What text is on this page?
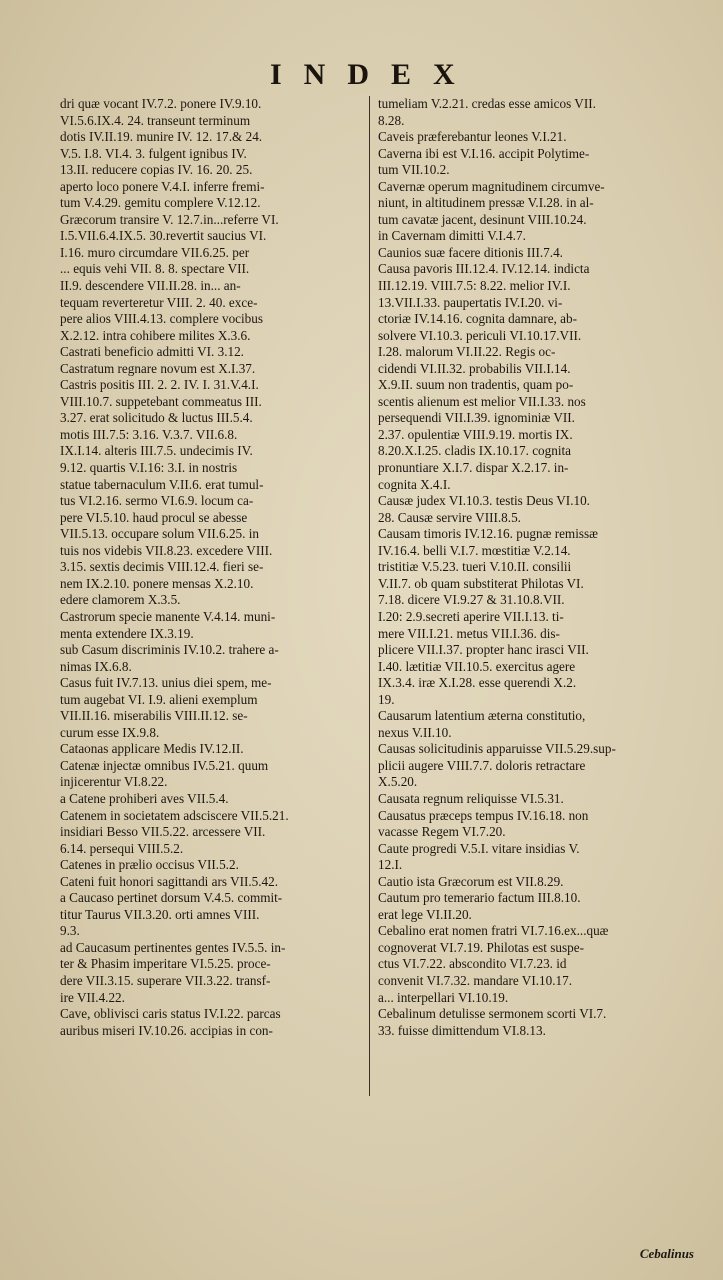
INDEX
dri quæ vocant IV.7.2. ponere IV.9.10.
VI.5.6.IX.4. 24. transeunt terminum
dotis IV.II.19. munire IV. 12. 17.& 24.
V.5. I.8. VI.4. 3. fulgent ignibus IV.
13.II. reducere copias IV. 16. 20. 25.
aperto loco ponere V.4.I. inferre fremi-
tum V.4.29. gemitu complere V.12.12.
Græcorum transire V. 12.7.in...referre VI.
I.5.VII.6.4.IX.5. 30.revertit saucius VI.
I.16. muro circumdare VII.6.25. per
... equis vehi VII. 8. 8. spectare VII.
II.9. descendere VII.II.28. in... an-
tequam reverteretur VIII. 2. 40. exce-
pere alios VIII.4.13. complere vocibus
X.2.12. intra cohibere milites X.3.6.
Castrati beneficio admitti VI. 3.12.
Castratum regnare novum est X.I.37.
Castris positis III. 2. 2. IV. I. 31.V.4.I.
VIII.10.7. suppetebant commeatus III.
3.27. erat solicitudo & luctus III.5.4.
motis III.7.5: 3.16. V.3.7. VII.6.8.
IX.I.14. alteris III.7.5. undecimis IV.
9.12. quartis V.I.16: 3.I. in nostris
statue tabernaculum V.II.6. erat tumul-
tus VI.2.16. sermo VI.6.9. locum ca-
pere VI.5.10. haud procul se abesse
VII.5.13. occupare solum VII.6.25. in
tuis nos videbis VII.8.23. excedere VIII.
3.15. sextis decimis VIII.12.4. fieri se-
nem IX.2.10. ponere mensas X.2.10.
edere clamorem X.3.5.
Castrorum specie manente V.4.14. muni-
menta extendere IX.3.19.
sub Casum discriminis IV.10.2. trahere a-
nimas IX.6.8.
Casus fuit IV.7.13. unius diei spem, me-
tum augebat VI. I.9. alieni exemplum
VII.II.16. miserabilis VIII.II.12. se-
curum esse IX.9.8.
Cataonas applicare Medis IV.12.II.
Catenæ injectæ omnibus IV.5.21. quum
injicerentur VI.8.22.
a Catene prohiberi aves VII.5.4.
Catenem in societatem adsciscere VII.5.21.
insidiari Besso VII.5.22. arcessere VII.
6.14. persequi VIII.5.2.
Catenes in prælio occisus VII.5.2.
Cateni fuit honori sagittandi ars VII.5.42.
a Caucaso pertinet dorsum V.4.5. commit-
titur Taurus VII.3.20. orti amnes VIII.
9.3.
ad Caucasum pertinentes gentes IV.5.5. in-
ter & Phasim imperitare VI.5.25. proce-
dere VII.3.15. superare VII.3.22. transf-
ire VII.4.22.
Cave, oblivisci caris status IV.I.22. parcas
auribus miseri IV.10.26. accipias in con-
tumeliam V.2.21. credas esse amicos VII.
8.28.
Caveis præferebantur leones V.I.21.
Caverna ibi est V.I.16. accipit Polytime-
tum VII.10.2.
Cavernæ operum magnitudinem circumve-
niunt, in altitudinem pressæ V.I.28. in al-
tum cavatæ jacent, desinunt VIII.10.24.
in Cavernam dimitti V.I.4.7.
Caunios suæ facere ditionis III.7.4.
Causa pavoris III.12.4. IV.12.14. indicta
III.12.19. VIII.7.5: 8.22. melior IV.I.
13.VII.I.33. paupertatis IV.I.20. vi-
ctoriæ IV.14.16. cognita damnare, ab-
solvere VI.10.3. periculi VI.10.17.VII.
I.28. malorum VI.II.22. Regis oc-
cidendi VI.II.32. probabilis VII.I.14.
X.9.II. suum non tradentis, quam po-
scentis alienum est melior VII.I.33. nos
persequendi VII.I.39. ignominiæ VII.
2.37. opulentiæ VIII.9.19. mortis IX.
8.20.X.I.25. cladis IX.10.17. cognita
pronuntiare X.I.7. dispar X.2.17. in-
cognita X.4.I.
Causæ judex VI.10.3. testis Deus VI.10.
28. Causæ servire VIII.8.5.
Causam timoris IV.12.16. pugnæ remissæ
IV.16.4. belli V.I.7. mœstitiæ V.2.14.
tristitiæ V.5.23. tueri V.10.II. consilii
V.II.7. ob quam substiterat Philotas VI.
7.18. dicere VI.9.27 & 31.10.8.VII.
I.20: 2.9.secreti aperire VII.I.13. ti-
mere VII.I.21. metus VII.I.36. dis-
plicere VII.I.37. propter hanc irasci VII.
I.40. lætitiæ VII.10.5. exercitus agere
IX.3.4. iræ X.I.28. esse querendi X.2.
19.
Causarum latentium æterna constitutio,
nexus V.II.10.
Causas solicitudinis apparuisse VII.5.29.sup-
plicii augere VIII.7.7. doloris retractare
X.5.20.
Causata regnum reliquisse VI.5.31.
Causatus præceps tempus IV.16.18. non
vacasse Regem VI.7.20.
Caute progredi V.5.I. vitare insidias V.
12.I.
Cautio ista Græcorum est VII.8.29.
Cautum pro temerario factum III.8.10.
erat lege VI.II.20.
Cebalino erat nomen fratri VI.7.16.ex...quæ
cognoverat VI.7.19. Philotas est suspe-
ctus VI.7.22. abscondito VI.7.23. id
convenit VI.7.32. mandare VI.10.17.
a... interpellari VI.10.19.
Cebalinum detulisse sermonem scorti VI.7.
33. fuisse dimittendum VI.8.13.
Cebalinus
